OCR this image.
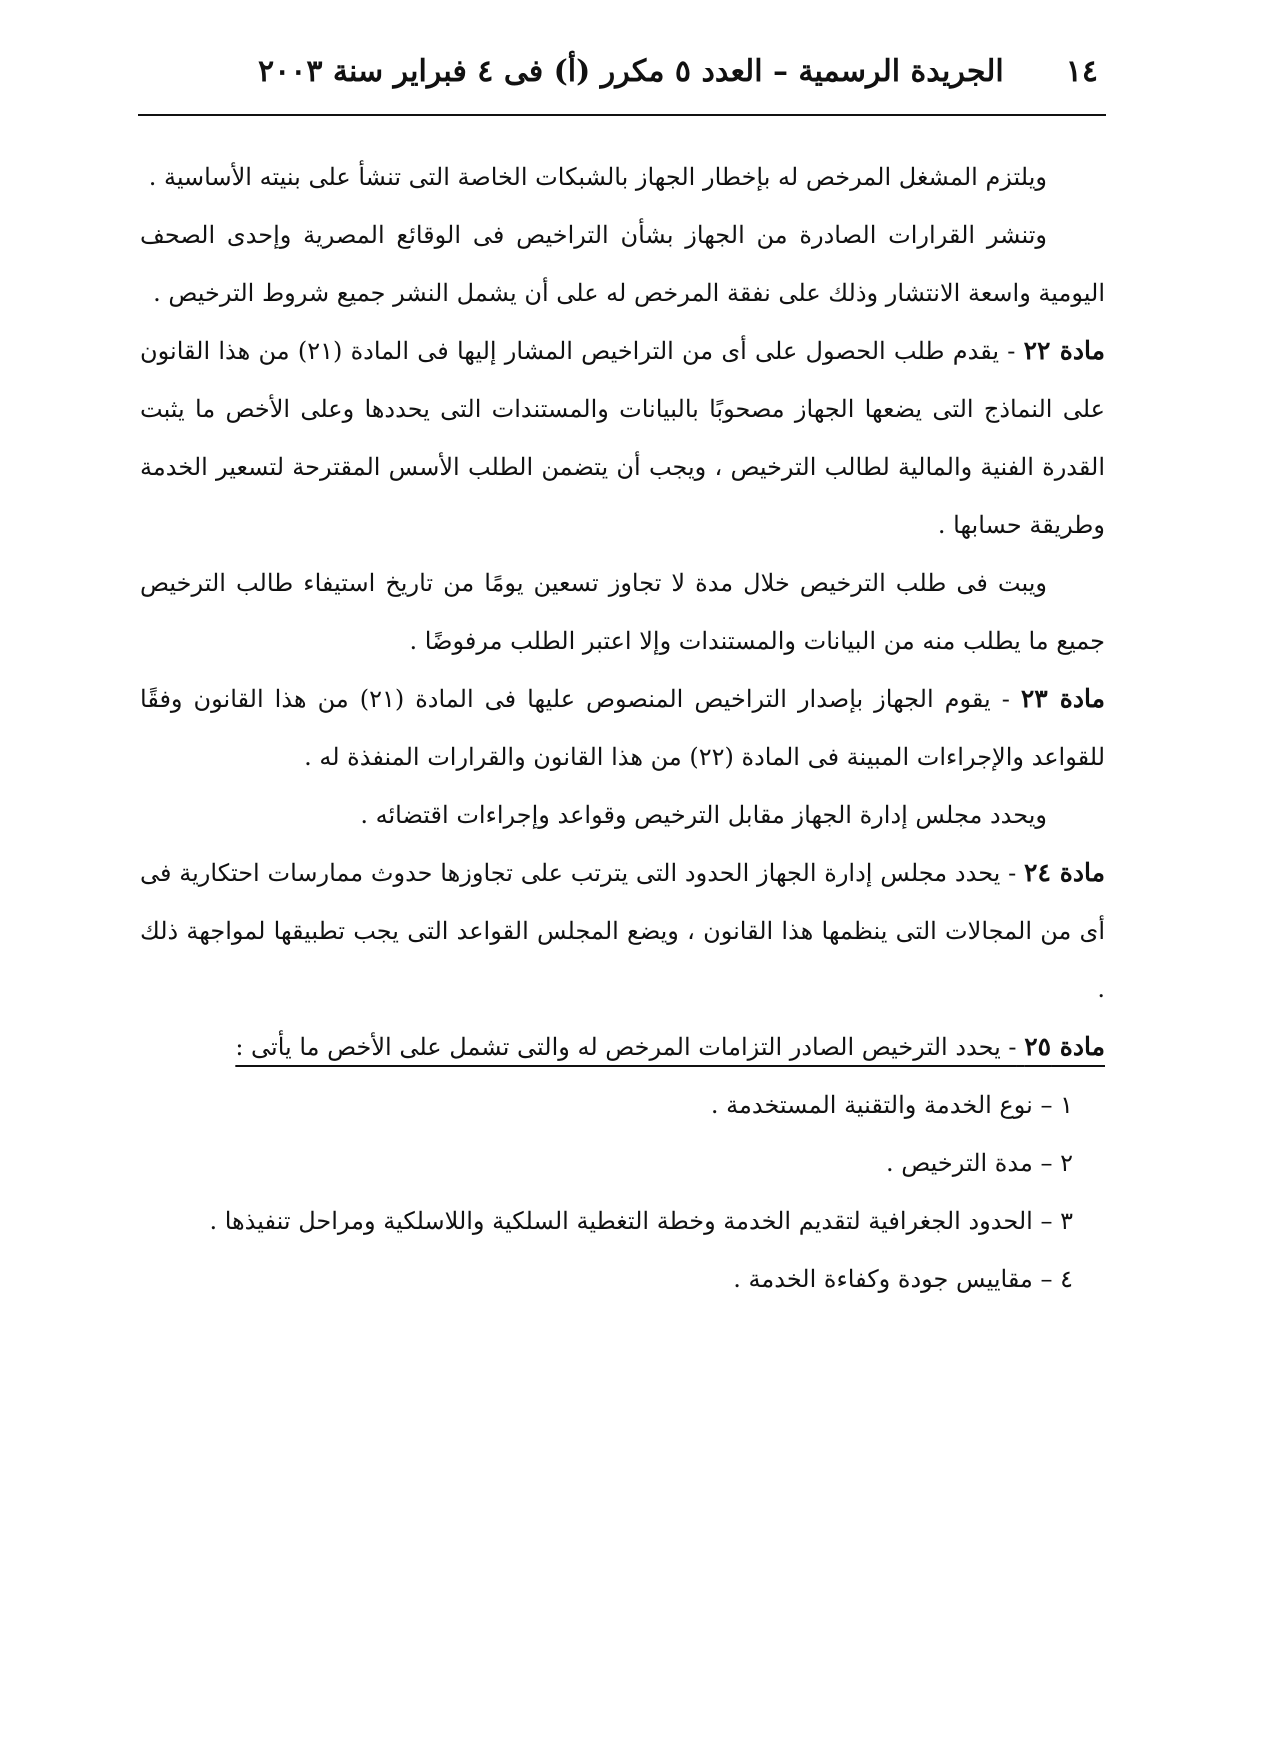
١٤
الجريدة الرسمية – العدد ٥ مكرر (أ) فى ٤ فبراير سنة ٢٠٠٣

ويلتزم المشغل المرخص له بإخطار الجهاز بالشبكات الخاصة التى تنشأ على بنيته الأساسية .

وتنشر القرارات الصادرة من الجهاز بشأن التراخيص فى الوقائع المصرية وإحدى الصحف اليومية واسعة الانتشار وذلك على نفقة المرخص له على أن يشمل النشر جميع شروط الترخيص .

مادة ٢٢ - يقدم طلب الحصول على أى من التراخيص المشار إليها فى المادة (٢١) من هذا القانون على النماذج التى يضعها الجهاز مصحوبًا بالبيانات والمستندات التى يحددها وعلى الأخص ما يثبت القدرة الفنية والمالية لطالب الترخيص ، ويجب أن يتضمن الطلب الأسس المقترحة لتسعير الخدمة وطريقة حسابها .

ويبت فى طلب الترخيص خلال مدة لا تجاوز تسعين يومًا من تاريخ استيفاء طالب الترخيص جميع ما يطلب منه من البيانات والمستندات وإلا اعتبر الطلب مرفوضًا .

مادة ٢٣ - يقوم الجهاز بإصدار التراخيص المنصوص عليها فى المادة (٢١) من هذا القانون وفقًا للقواعد والإجراءات المبينة فى المادة (٢٢) من هذا القانون والقرارات المنفذة له .

ويحدد مجلس إدارة الجهاز مقابل الترخيص وقواعد وإجراءات اقتضائه .

مادة ٢٤ - يحدد مجلس إدارة الجهاز الحدود التى يترتب على تجاوزها حدوث ممارسات احتكارية فى أى من المجالات التى ينظمها هذا القانون ، ويضع المجلس القواعد التى يجب تطبيقها لمواجهة ذلك .

مادة ٢٥ - يحدد الترخيص الصادر التزامات المرخص له والتى تشمل على الأخص ما يأتى :

١ – نوع الخدمة والتقنية المستخدمة .

٢ – مدة الترخيص .

٣ – الحدود الجغرافية لتقديم الخدمة وخطة التغطية السلكية واللاسلكية ومراحل تنفيذها .

٤ – مقاييس جودة وكفاءة الخدمة .
